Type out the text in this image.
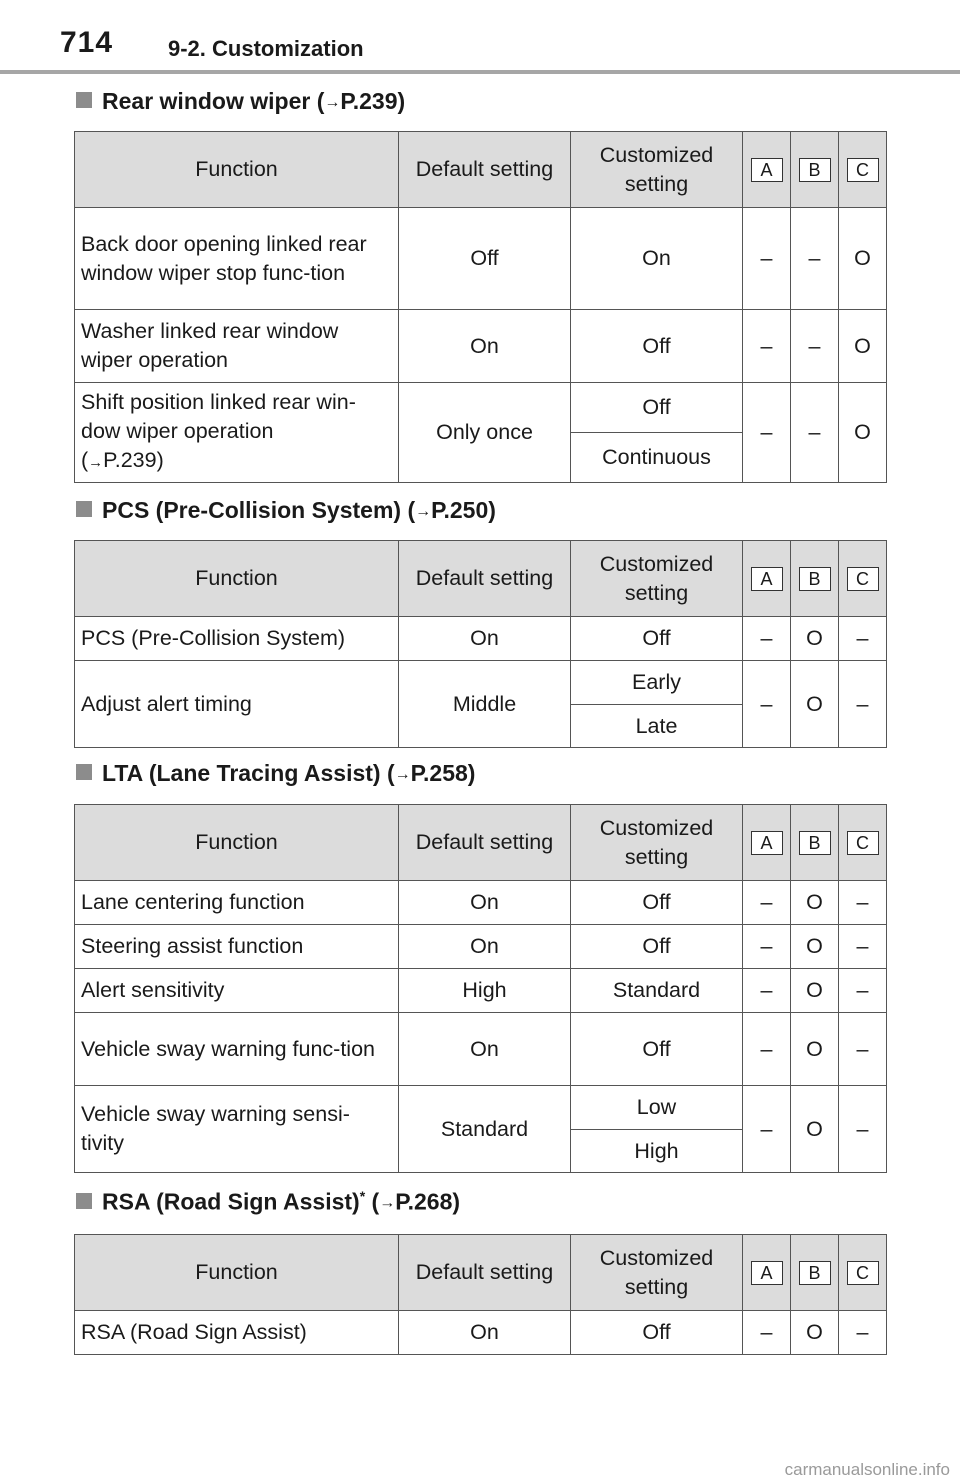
714 9-2. Customization
Rear window wiper (→P.239)
Function	Default setting	Customized setting	A	B	C
Back door opening linked rear window wiper stop func-tion	Off	On	–	–	O
Washer linked rear window wiper operation	On	Off	–	–	O
Shift position linked rear win-dow wiper operation
(→P.239)	Only once	Off	–	–	O
		Continuous			
PCS (Pre-Collision System) (→P.250)
Function	Default setting	Customized setting	A	B	C
PCS (Pre-Collision System)	On	Off	–	O	–
Adjust alert timing	Middle	Early	–	O	–
		Late			
LTA (Lane Tracing Assist) (→P.258)
Function	Default setting	Customized setting	A	B	C
Lane centering function	On	Off	–	O	–
Steering assist function	On	Off	–	O	–
Alert sensitivity	High	Standard	–	O	–
Vehicle sway warning func-tion	On	Off	–	O	–
Vehicle sway warning sensi-tivity	Standard	Low	–	O	–
		High			
RSA (Road Sign Assist)* (→P.268)
Function	Default setting	Customized setting	A	B	C
RSA (Road Sign Assist)	On	Off	–	O	–
carmanualsonline.info
